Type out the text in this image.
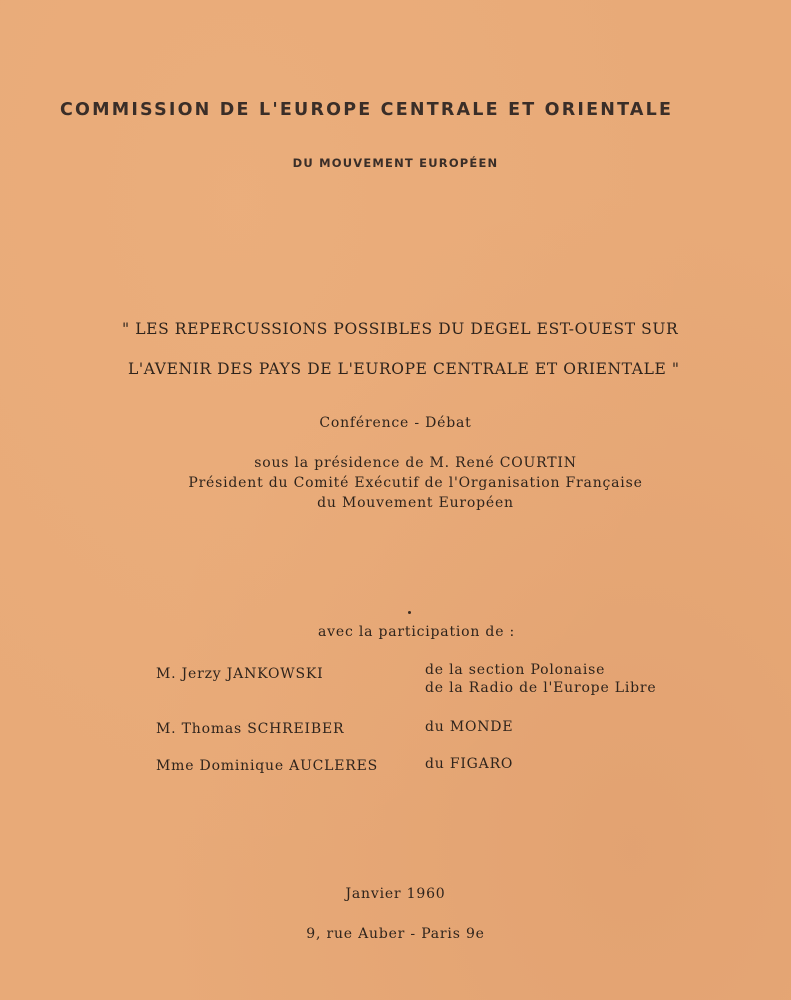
COMMISSION DE L'EUROPE CENTRALE ET ORIENTALE
DU MOUVEMENT EUROPÉEN
" LES REPERCUSSIONS POSSIBLES DU DEGEL EST-OUEST SUR
L'AVENIR DES PAYS DE L'EUROPE CENTRALE ET ORIENTALE "
Conférence - Débat
sous la présidence de M. René COURTIN
Président du Comité Exécutif de l'Organisation Française
du Mouvement Européen
avec la participation de :
M. Jerzy JANKOWSKI	de la section Polonaise
de la Radio de l'Europe Libre
M. Thomas SCHREIBER	du MONDE
Mme Dominique AUCLERES	du FIGARO
Janvier 1960
9, rue Auber - Paris 9e
